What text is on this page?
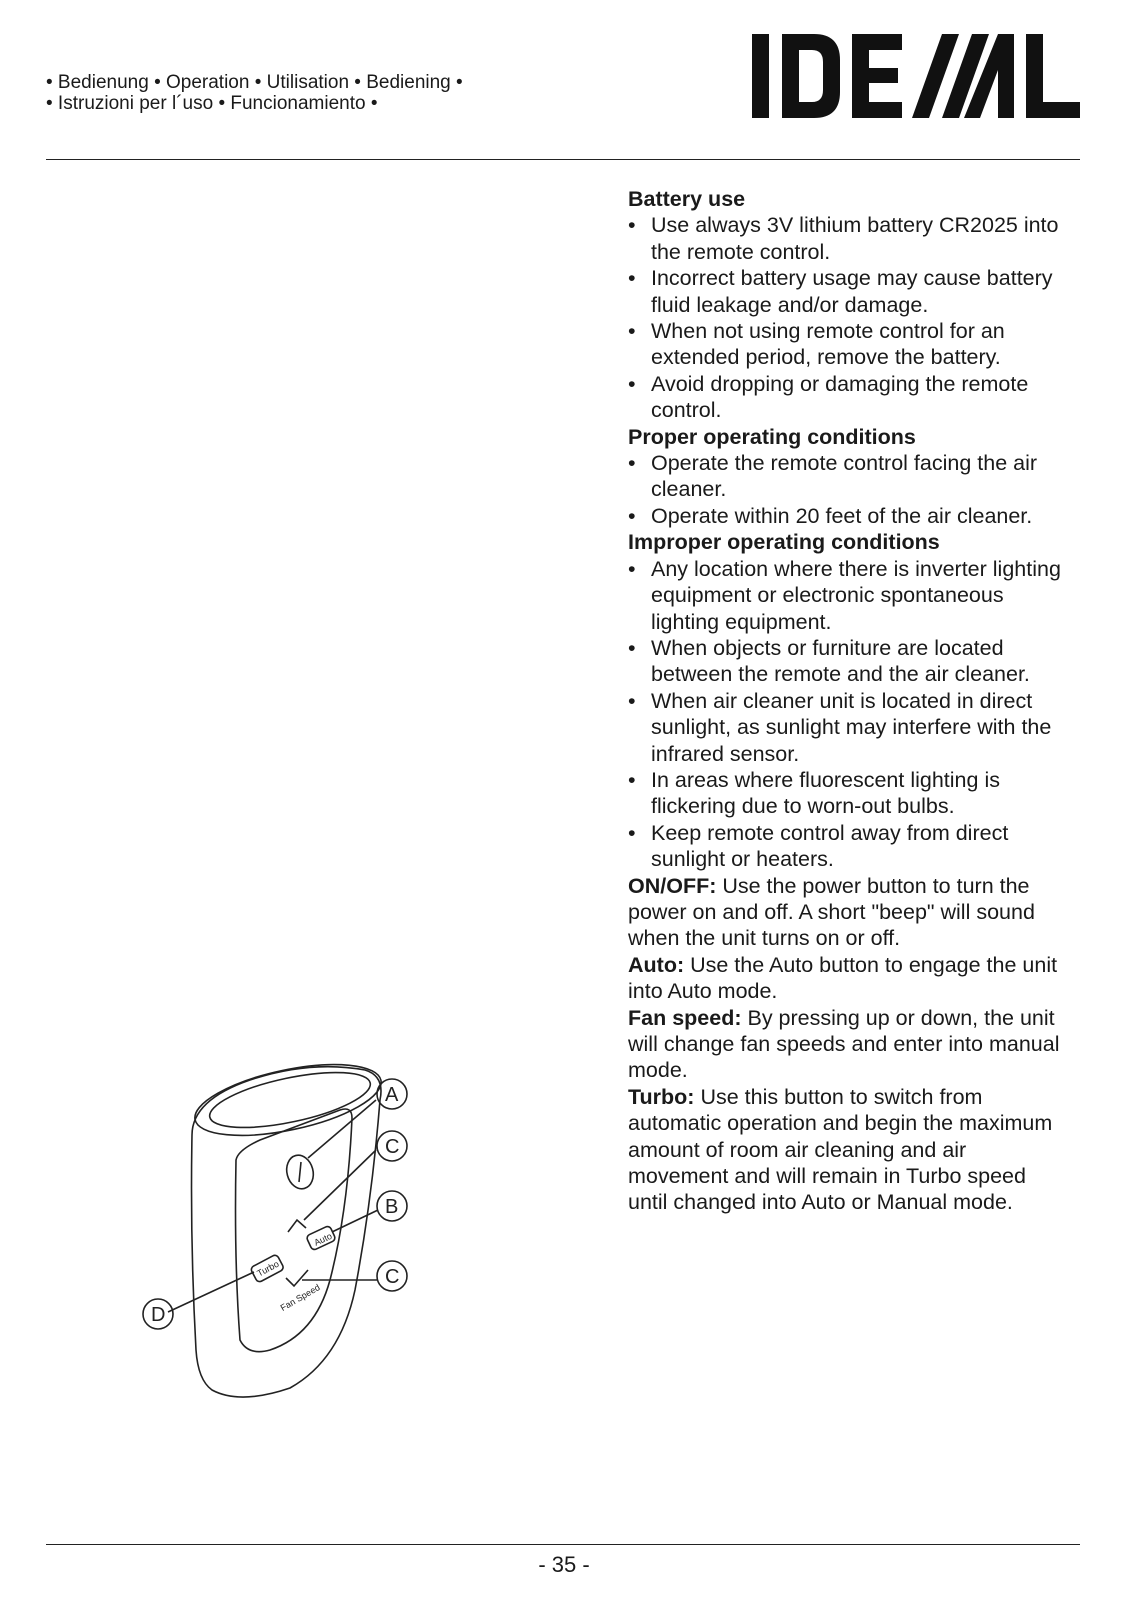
• Bedienung • Operation • Utilisation • Bediening •
• Istruzioni per l´uso • Funcionamiento •
Battery use
• Use always 3V lithium battery CR2025 into the remote control.
• Incorrect battery usage may cause battery fluid leakage and/or damage.
• When not using remote control for an extended period, remove the battery.
• Avoid dropping or damaging the remote control.
Proper operating conditions
• Operate the remote control facing the air cleaner.
• Operate within 20 feet of the air cleaner.
Improper operating conditions
• Any location where there is inverter lighting equipment or electronic spontaneous lighting equipment.
• When objects or furniture are located between the remote and the air cleaner.
• When air cleaner unit is located in direct sunlight, as sunlight may interfere with the infrared sensor.
• In areas where fluorescent lighting is flickering due to worn-out bulbs.
• Keep remote control away from direct sunlight or heaters.

ON/OFF: Use the power button to turn the power on and off. A short "beep" will sound when the unit turns on or off.

Auto: Use the Auto button to engage the unit into Auto mode.

Fan speed: By pressing up or down, the unit will change fan speeds and enter into manual mode.

Turbo: Use this button to switch from automatic operation and begin the maximum amount of room air cleaning and air movement and will remain in Turbo speed until changed into Auto or Manual mode.

Auto
Turbo
Fan Speed
A
C
B
C
D
- 35 -
